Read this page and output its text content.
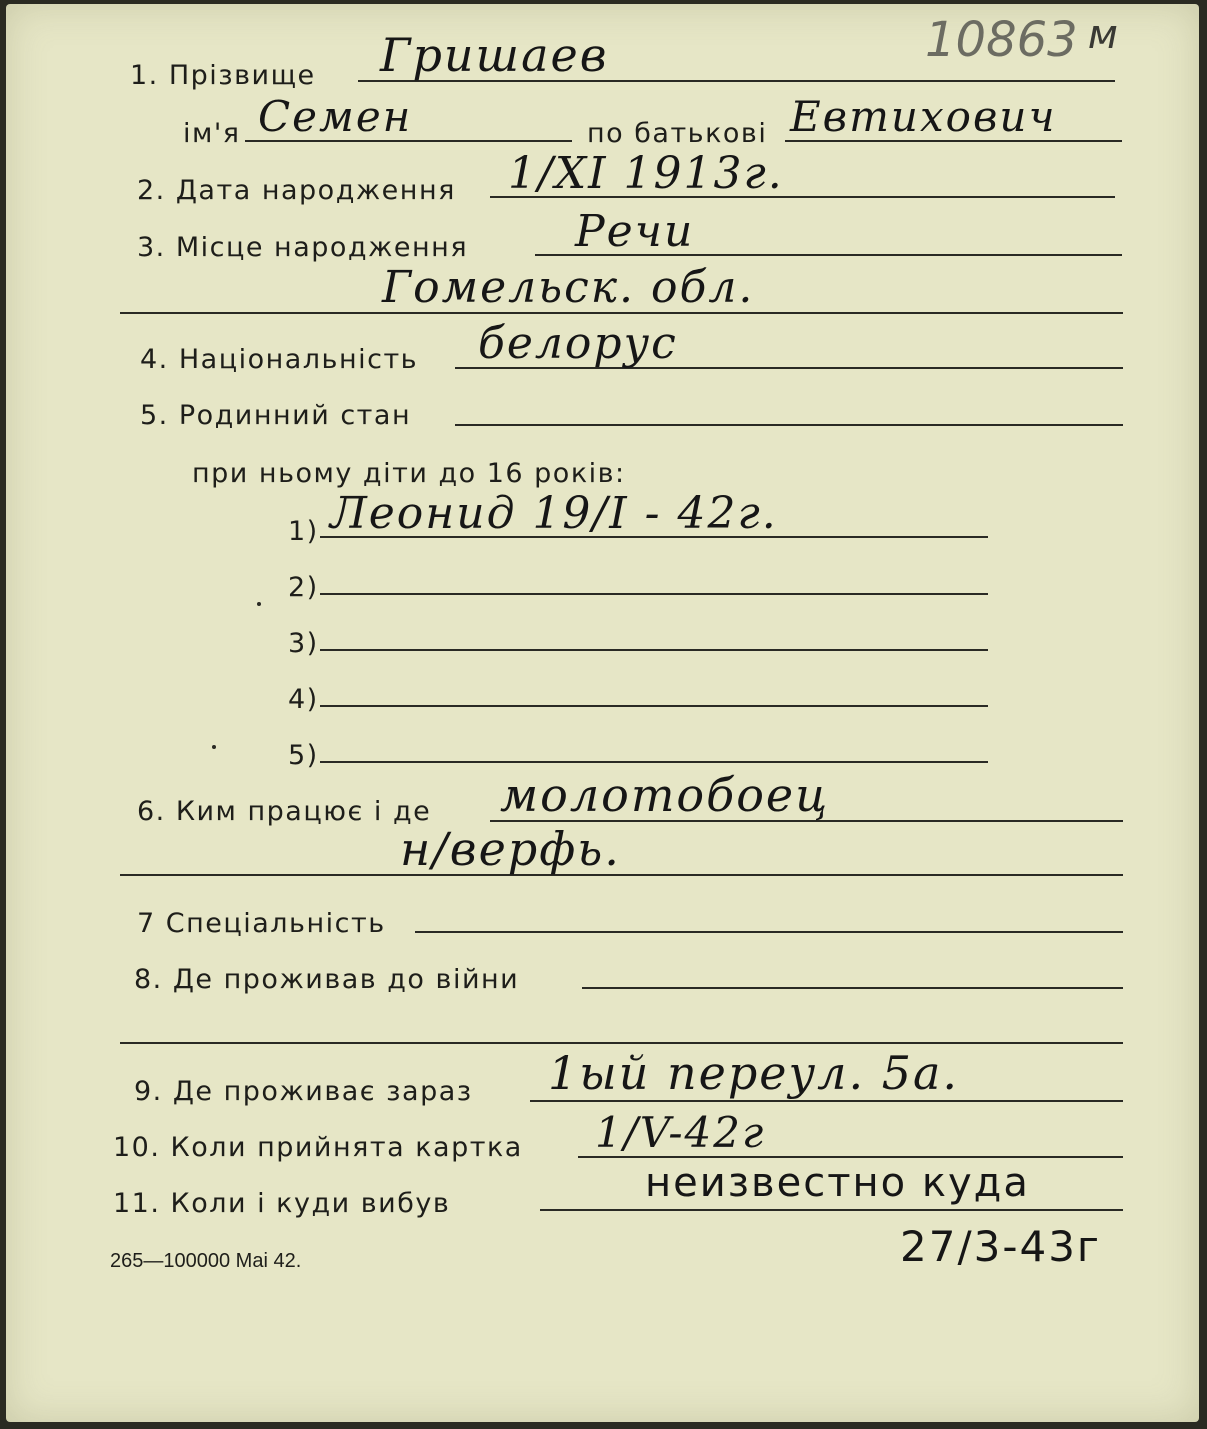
10863 $^м$
1. Прізвище Гришаев
ім'я Семен	по батькові Евтихович
2. Дата народження 1/XI 1913г.
3. Місце народження Речи
Гомельск. обл.
4. Національність белорус
5. Родинний стан
при ньому діти до 16 років:
1) Леонид 19/I - 42г.
2)
3)
4)
5)
6. Ким працює і де молотобоец
н/верфь.
7 Спеціальність
8. Де проживав до війни
9. Де проживає зараз 1ый переул. 5а.
10. Коли прийнята картка 1/V-42г
11. Коли і куди вибув	неизвестно куда
27/3-43г
265—100000 Mai 42.
